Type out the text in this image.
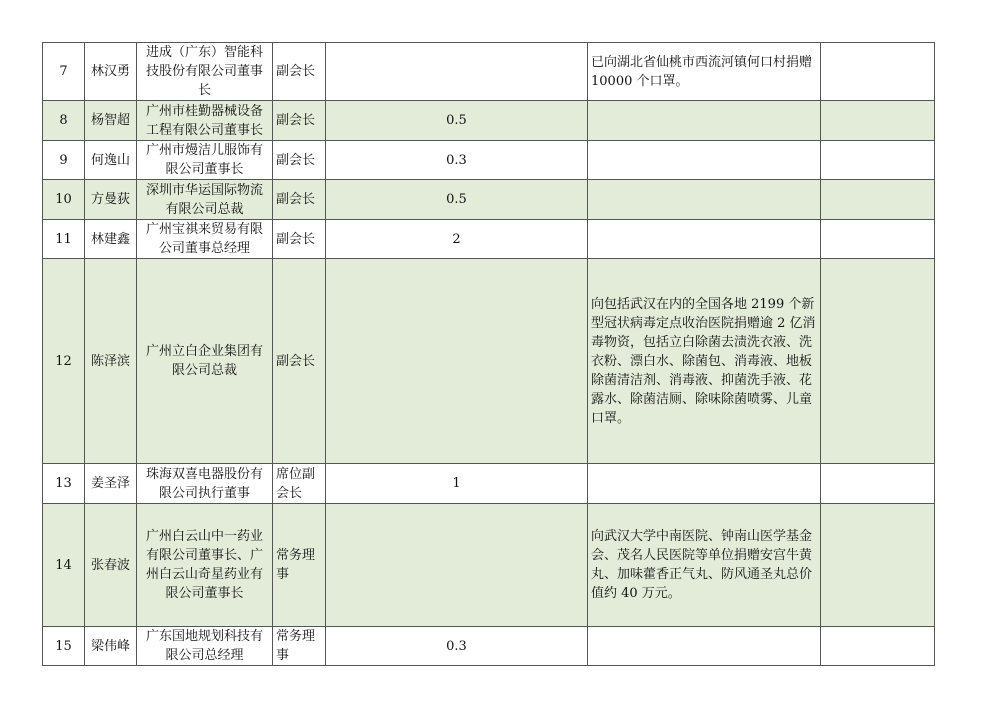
7	林汉勇	进成（广东）智能科技股份有限公司董事长	副会长		已向湖北省仙桃市西流河镇何口村捐赠 10000 个口罩。	
8	杨智超	广州市桂勤器械设备工程有限公司董事长	副会长	0.5		
9	何逸山	广州市熳洁儿服饰有限公司董事长	副会长	0.3		
10	方曼荻	深圳市华运国际物流有限公司总裁	副会长	0.5		
11	林建鑫	广州宝祺来贸易有限公司董事总经理	副会长	2		
12	陈泽滨	广州立白企业集团有限公司总裁	副会长		向包括武汉在内的全国各地 2199 个新型冠状病毒定点收治医院捐赠逾 2 亿消毒物资，包括立白除菌去渍洗衣液、洗衣粉、漂白水、除菌包、消毒液、地板除菌清洁剂、消毒液、抑菌洗手液、花露水、除菌洁厕、除味除菌喷雾、儿童口罩。	
13	姜圣泽	珠海双喜电器股份有限公司执行董事	席位副会长	1		
14	张春波	广州白云山中一药业有限公司董事长、广州白云山奇星药业有限公司董事长	常务理事		向武汉大学中南医院、钟南山医学基金会、茂名人民医院等单位捐赠安宫牛黄丸、加味藿香正气丸、防风通圣丸总价值约 40 万元。	
15	梁伟峰	广东国地规划科技有限公司总经理	常务理事	0.3		
